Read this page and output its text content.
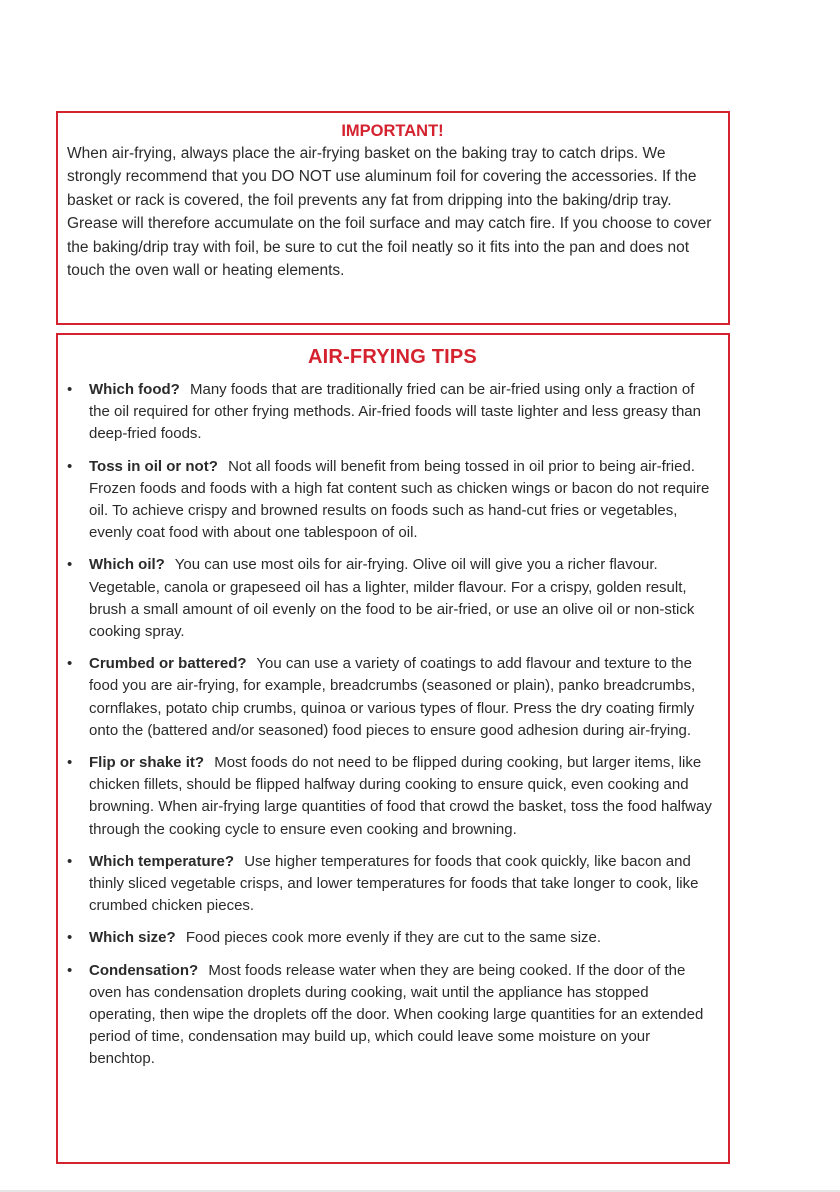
IMPORTANT!

When air-frying, always place the air-frying basket on the baking tray to catch drips. We strongly recommend that you DO NOT use aluminum foil for covering the accessories. If the basket or rack is covered, the foil prevents any fat from dripping into the baking/drip tray. Grease will therefore accumulate on the foil surface and may catch fire. If you choose to cover the baking/drip tray with foil, be sure to cut the foil neatly so it fits into the pan and does not touch the oven wall or heating elements.

AIR-FRYING TIPS

•	Which food? Many foods that are traditionally fried can be air-fried using only a fraction of the oil required for other frying methods. Air-fried foods will taste lighter and less greasy than deep-fried foods.
•	Toss in oil or not? Not all foods will benefit from being tossed in oil prior to being air-fried. Frozen foods and foods with a high fat content such as chicken wings or bacon do not require oil. To achieve crispy and browned results on foods such as hand-cut fries or vegetables, evenly coat food with about one tablespoon of oil.
•	Which oil? You can use most oils for air-frying. Olive oil will give you a richer flavour. Vegetable, canola or grapeseed oil has a lighter, milder flavour. For a crispy, golden result, brush a small amount of oil evenly on the food to be air-fried, or use an olive oil or non-stick cooking spray.
•	Crumbed or battered? You can use a variety of coatings to add flavour and texture to the food you are air-frying, for example, breadcrumbs (seasoned or plain), panko breadcrumbs, cornflakes, potato chip crumbs, quinoa or various types of flour. Press the dry coating firmly onto the (battered and/or seasoned) food pieces to ensure good adhesion during air-frying.
•	Flip or shake it? Most foods do not need to be flipped during cooking, but larger items, like chicken fillets, should be flipped halfway during cooking to ensure quick, even cooking and browning. When air-frying large quantities of food that crowd the basket, toss the food halfway through the cooking cycle to ensure even cooking and browning.
•	Which temperature? Use higher temperatures for foods that cook quickly, like bacon and thinly sliced vegetable crisps, and lower temperatures for foods that take longer to cook, like crumbed chicken pieces.
•	Which size? Food pieces cook more evenly if they are cut to the same size.
•	Condensation? Most foods release water when they are being cooked. If the door of the oven has condensation droplets during cooking, wait until the appliance has stopped operating, then wipe the droplets off the door. When cooking large quantities for an extended period of time, condensation may build up, which could leave some moisture on your benchtop.
